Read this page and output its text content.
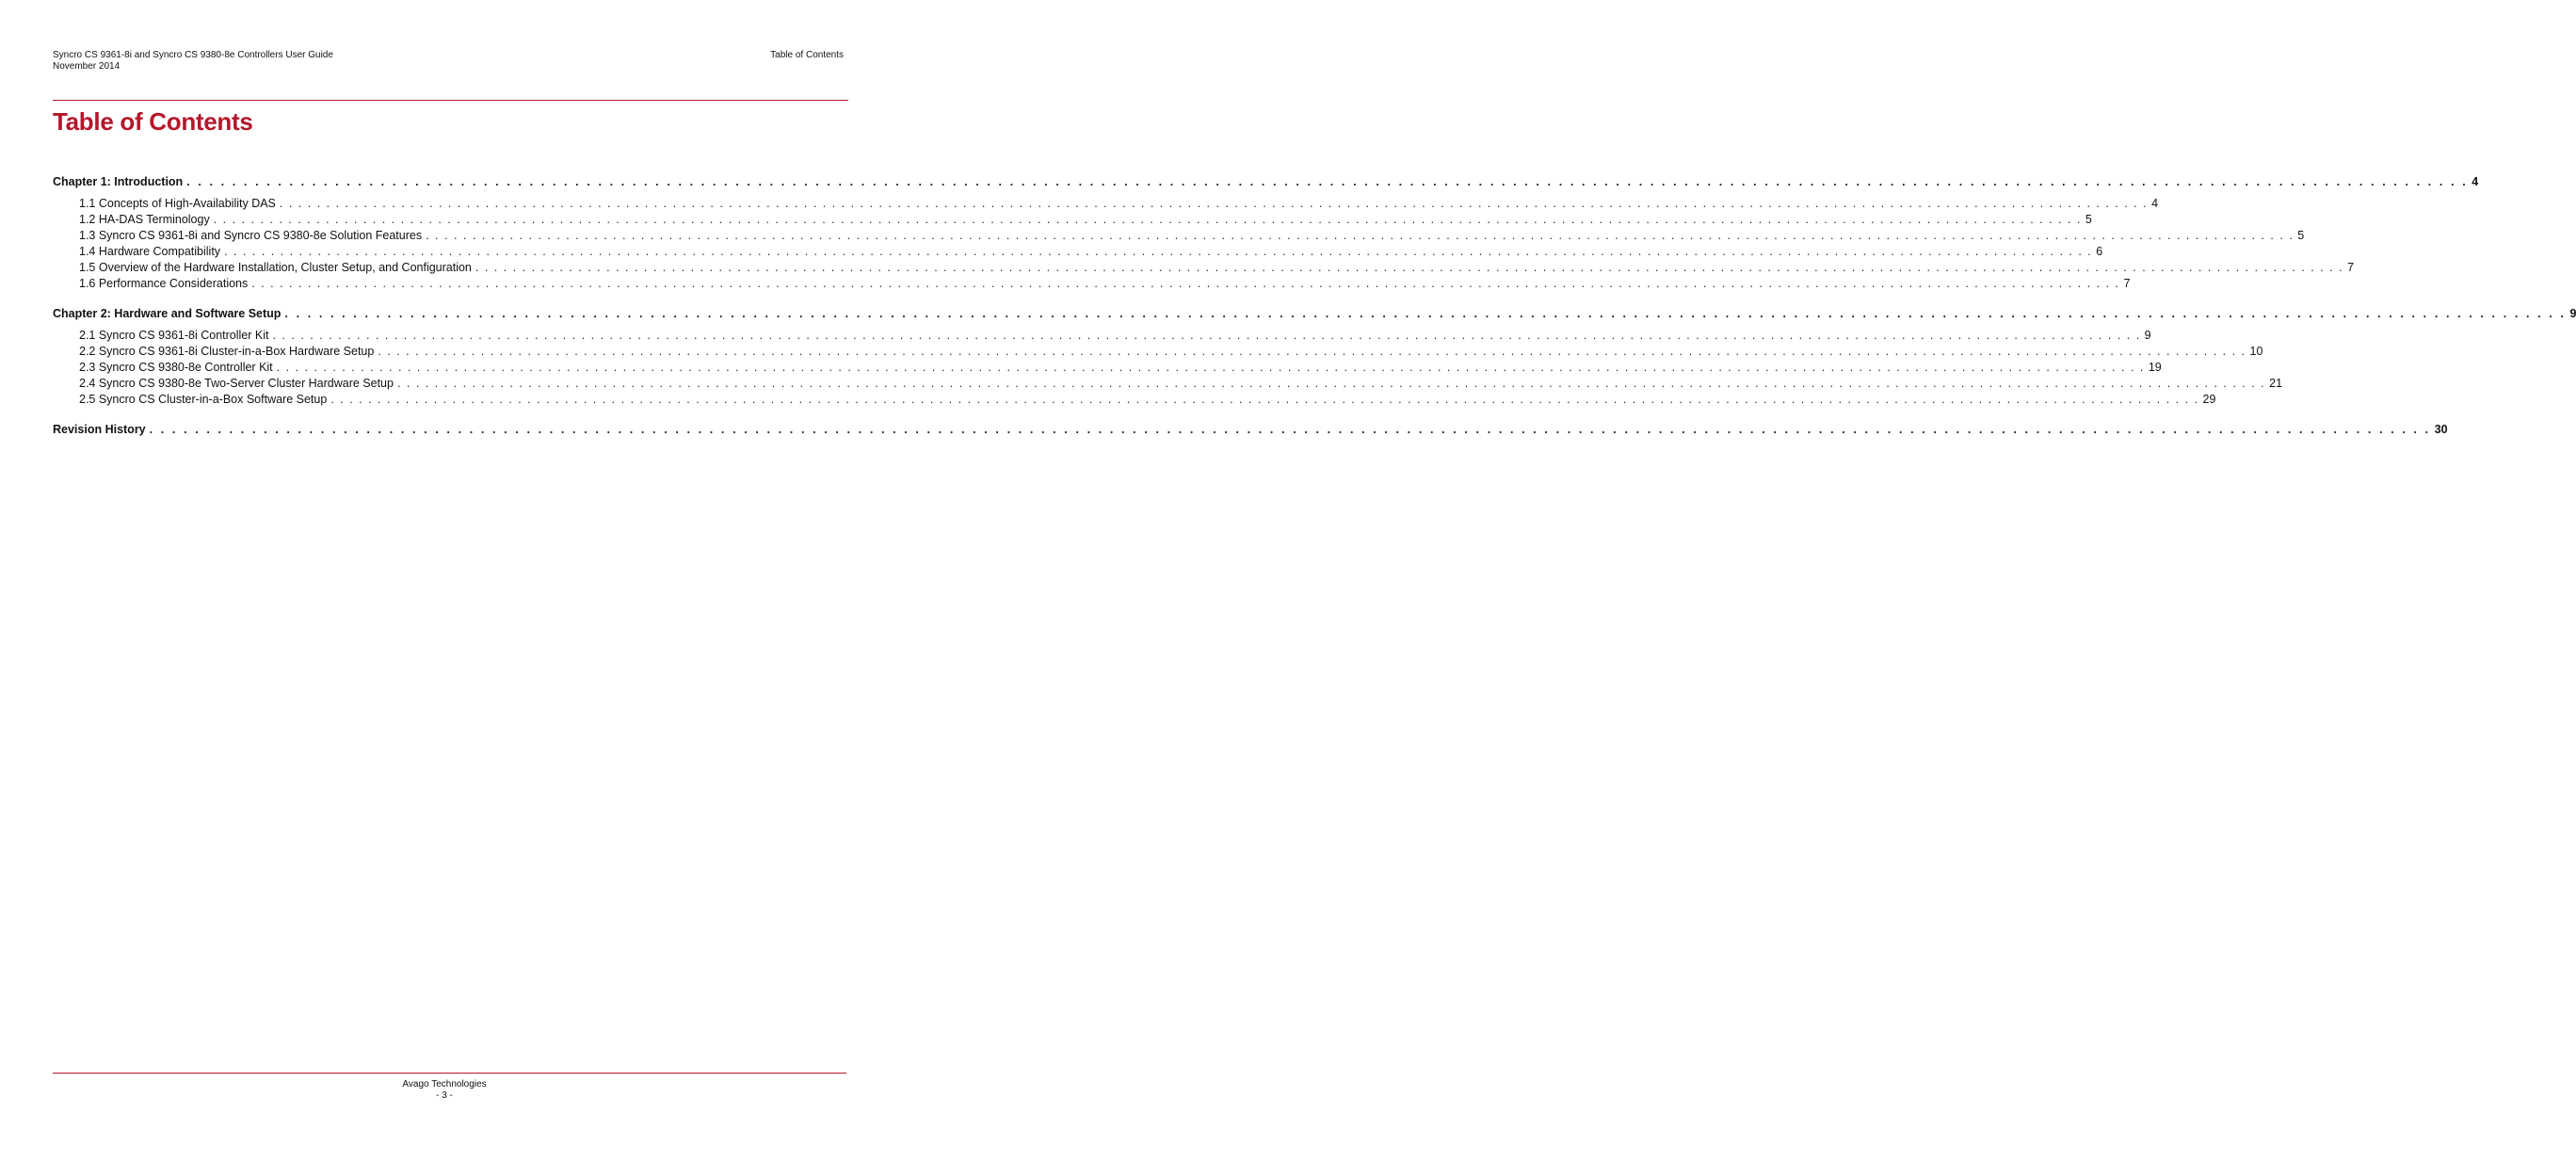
Syncro CS 9361-8i and Syncro CS 9380-8e Controllers User Guide
November 2014
Table of Contents
Table of Contents
Chapter 1: Introduction . . . . . . . . . . . . . . . . . . . . . . . . . . . . . . . . . . . . . . . . . . . . . . . . . . . . . . . . . . . . . . . . . . . . . . . . . . . . . . . . . . . . . . . . . . . . . . . . . . . . . . . . . . . . . . . . . . . . . . . . . . . . . . . . . . . . . . . . . . . . . . . . . . . . . . . . . . . . . . . . . . . . . . . . . . . . . . . . . . . . . . . . . . . . . . . . . . . . . . . . 4
1.1 Concepts of High-Availability DAS . . . . . . . . . . . . . . . . . . . . . . . . . . . . . . . . . . . . . . . . . . . . . . . . . . . . . . . . . . . . . . . . . . . . . . . . . . . . . . . . . . . . . . . . . . . . . . . . . . . . . . . . . . . . . . . . . . . . . . . . . . . . . . . . . . . . . . . . . . . . . . . . . . . . . . . . . . . . . . . . . . . . . . . . . . . . . . . . . . . . . . . . . . . . . . . . . . . . . . . . 4
1.2 HA-DAS Terminology . . . . . . . . . . . . . . . . . . . . . . . . . . . . . . . . . . . . . . . . . . . . . . . . . . . . . . . . . . . . . . . . . . . . . . . . . . . . . . . . . . . . . . . . . . . . . . . . . . . . . . . . . . . . . . . . . . . . . . . . . . . . . . . . . . . . . . . . . . . . . . . . . . . . . . . . . . . . . . . . . . . . . . . . . . . . . . . . . . . . . . . . . . . . . . . . . . . . . . . . 5
1.3 Syncro CS 9361-8i and Syncro CS 9380-8e Solution Features . . . . . . . . . . . . . . . . . . . . . . . . . . . . . . . . . . . . . . . . . . . . . . . . . . . . . . . . . . . . . . . . . . . . . . . . . . . . . . . . . . . . . . . . . . . . . . . . . . . . . . . . . . . . . . . . . . . . . . . . . . . . . . . . . . . . . . . . . . . . . . . . . . . . . . . . . . . . . . . . . . . . . . . . . . . . . . . . . . . . . . . . . . . . . . . . . . . . . . . . 5
1.4 Hardware Compatibility . . . . . . . . . . . . . . . . . . . . . . . . . . . . . . . . . . . . . . . . . . . . . . . . . . . . . . . . . . . . . . . . . . . . . . . . . . . . . . . . . . . . . . . . . . . . . . . . . . . . . . . . . . . . . . . . . . . . . . . . . . . . . . . . . . . . . . . . . . . . . . . . . . . . . . . . . . . . . . . . . . . . . . . . . . . . . . . . . . . . . . . . . . . . . . . . . . . . . . . . 6
1.5 Overview of the Hardware Installation, Cluster Setup, and Configuration . . . . . . . . . . . . . . . . . . . . . . . . . . . . . . . . . . . . . . . . . . . . . . . . . . . . . . . . . . . . . . . . . . . . . . . . . . . . . . . . . . . . . . . . . . . . . . . . . . . . . . . . . . . . . . . . . . . . . . . . . . . . . . . . . . . . . . . . . . . . . . . . . . . . . . . . . . . . . . . . . . . . . . . . . . . . . . . . . . . . . . . . . . . . . . . . . . . . . . . . 7
1.6 Performance Considerations . . . . . . . . . . . . . . . . . . . . . . . . . . . . . . . . . . . . . . . . . . . . . . . . . . . . . . . . . . . . . . . . . . . . . . . . . . . . . . . . . . . . . . . . . . . . . . . . . . . . . . . . . . . . . . . . . . . . . . . . . . . . . . . . . . . . . . . . . . . . . . . . . . . . . . . . . . . . . . . . . . . . . . . . . . . . . . . . . . . . . . . . . . . . . . . . . . . . . . . . 7
Chapter 2: Hardware and Software Setup . . . . . . . . . . . . . . . . . . . . . . . . . . . . . . . . . . . . . . . . . . . . . . . . . . . . . . . . . . . . . . . . . . . . . . . . . . . . . . . . . . . . . . . . . . . . . . . . . . . . . . . . . . . . . . . . . . . . . . . . . . . . . . . . . . . . . . . . . . . . . . . . . . . . . . . . . . . . . . . . . . . . . . . . . . . . . . . . . . . . . . . . . . . . . . . . . . . . . . . . 9
2.1 Syncro CS 9361-8i Controller Kit . . . . . . . . . . . . . . . . . . . . . . . . . . . . . . . . . . . . . . . . . . . . . . . . . . . . . . . . . . . . . . . . . . . . . . . . . . . . . . . . . . . . . . . . . . . . . . . . . . . . . . . . . . . . . . . . . . . . . . . . . . . . . . . . . . . . . . . . . . . . . . . . . . . . . . . . . . . . . . . . . . . . . . . . . . . . . . . . . . . . . . . . . . . . . . . . . . . . . . . . 9
2.2 Syncro CS 9361-8i Cluster-in-a-Box Hardware Setup . . . . . . . . . . . . . . . . . . . . . . . . . . . . . . . . . . . . . . . . . . . . . . . . . . . . . . . . . . . . . . . . . . . . . . . . . . . . . . . . . . . . . . . . . . . . . . . . . . . . . . . . . . . . . . . . . . . . . . . . . . . . . . . . . . . . . . . . . . . . . . . . . . . . . . . . . . . . . . . . . . . . . . . . . . . . . . . . . . . . . . . . . . . . . . . . . . . . . . . . 10
2.3 Syncro CS 9380-8e Controller Kit . . . . . . . . . . . . . . . . . . . . . . . . . . . . . . . . . . . . . . . . . . . . . . . . . . . . . . . . . . . . . . . . . . . . . . . . . . . . . . . . . . . . . . . . . . . . . . . . . . . . . . . . . . . . . . . . . . . . . . . . . . . . . . . . . . . . . . . . . . . . . . . . . . . . . . . . . . . . . . . . . . . . . . . . . . . . . . . . . . . . . . . . . . . . . . . . . . . . . . . . 19
2.4 Syncro CS 9380-8e Two-Server Cluster Hardware Setup . . . . . . . . . . . . . . . . . . . . . . . . . . . . . . . . . . . . . . . . . . . . . . . . . . . . . . . . . . . . . . . . . . . . . . . . . . . . . . . . . . . . . . . . . . . . . . . . . . . . . . . . . . . . . . . . . . . . . . . . . . . . . . . . . . . . . . . . . . . . . . . . . . . . . . . . . . . . . . . . . . . . . . . . . . . . . . . . . . . . . . . . . . . . . . . . . . . . . . . . 21
2.5 Syncro CS Cluster-in-a-Box Software Setup . . . . . . . . . . . . . . . . . . . . . . . . . . . . . . . . . . . . . . . . . . . . . . . . . . . . . . . . . . . . . . . . . . . . . . . . . . . . . . . . . . . . . . . . . . . . . . . . . . . . . . . . . . . . . . . . . . . . . . . . . . . . . . . . . . . . . . . . . . . . . . . . . . . . . . . . . . . . . . . . . . . . . . . . . . . . . . . . . . . . . . . . . . . . . . . . . . . . . . . . 29
Revision History . . . . . . . . . . . . . . . . . . . . . . . . . . . . . . . . . . . . . . . . . . . . . . . . . . . . . . . . . . . . . . . . . . . . . . . . . . . . . . . . . . . . . . . . . . . . . . . . . . . . . . . . . . . . . . . . . . . . . . . . . . . . . . . . . . . . . . . . . . . . . . . . . . . . . . . . . . . . . . . . . . . . . . . . . . . . . . . . . . . . . . . . . . . . . . . . . . . . . . . . 30
Avago Technologies
- 3 -
